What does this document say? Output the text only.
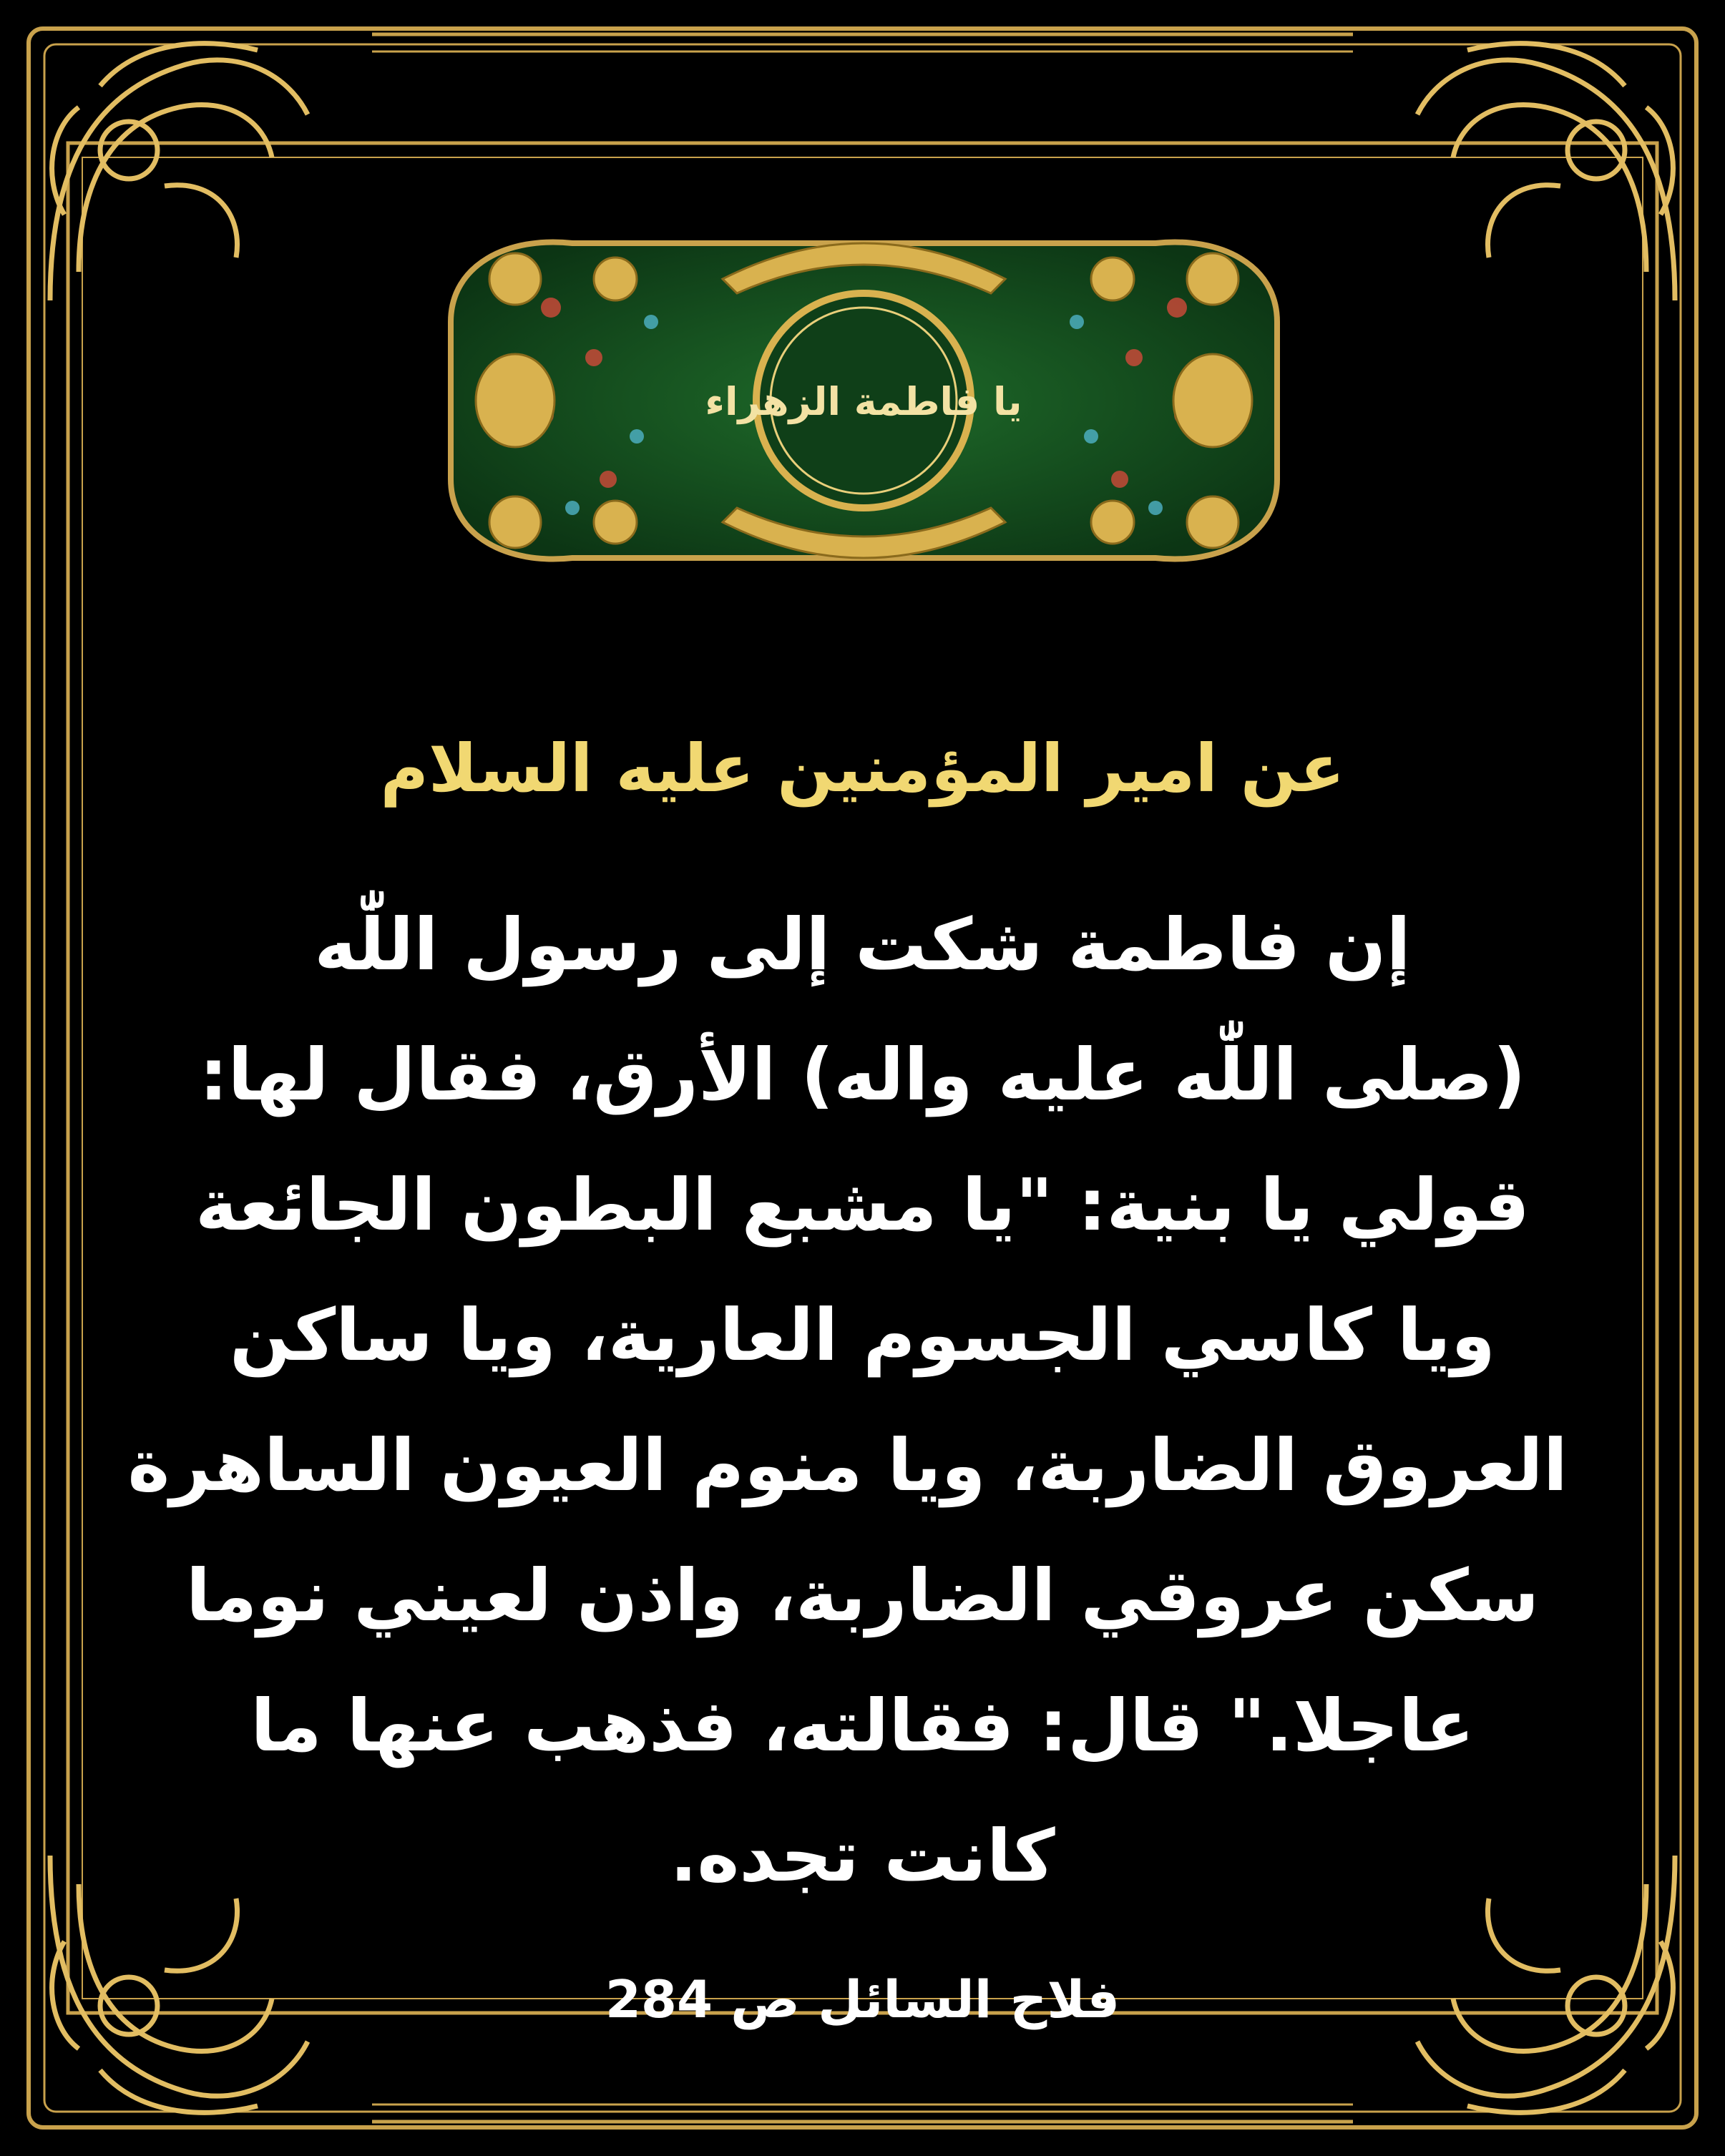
يا فاطمة الزهراء
عن امير المؤمنين عليه السلام
إن فاطمة شكت إلى رسول اللّٰه
(صلى اللّٰه عليه واله) الأرق، فقال لها:
قولي يا بنية: "يا مشبع البطون الجائعة
ويا كاسي الجسوم العارية، ويا ساكن
العروق الضاربة، ويا منوم العيون الساهرة
سكن عروقي الضاربة، واذن لعيني نوما
عاجلا." قال: فقالته، فذهب عنها ما
كانت تجده.
فلاح السائل ص 284
